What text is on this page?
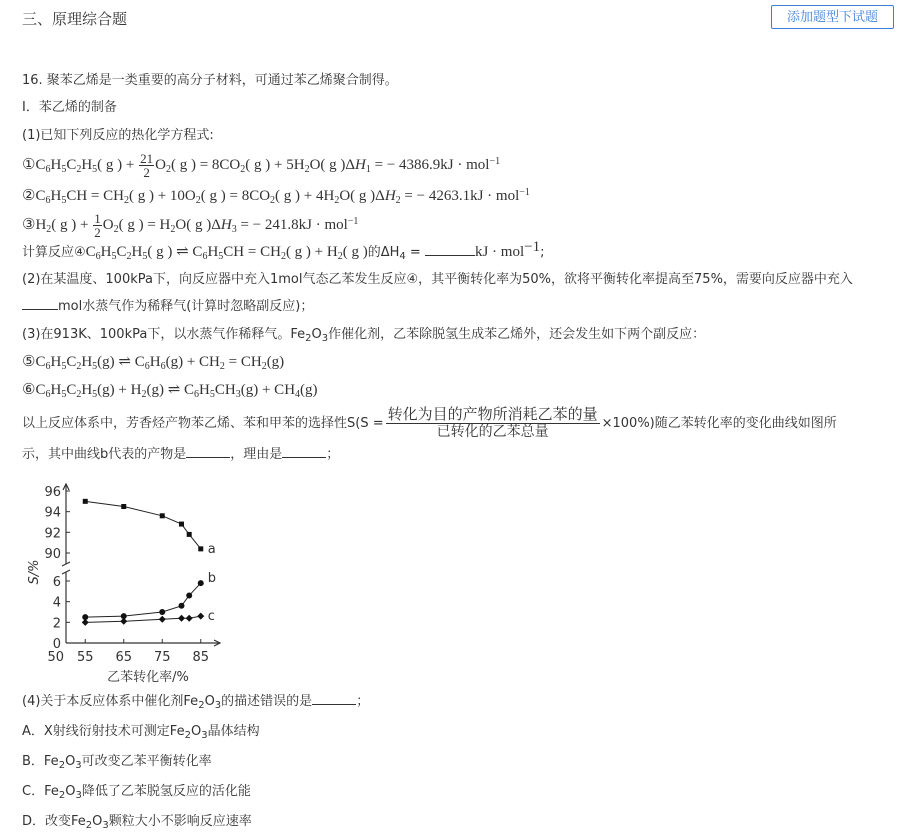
三、原理综合题	添加题型下试题
16. 聚苯乙烯是一类重要的高分子材料，可通过苯乙烯聚合制得。
I．苯乙烯的制备
(1)已知下列反应的热化学方程式:
$①C_6H_5C_2H_5$( g ) + $\frac{21}{2} O_2$( g ) = $8CO_2$( g ) + $5H_2O$( g )$\Delta H_1$ = − 4386.9kJ · mol$^{-1}$
$②C_6H_5CH = CH_2$( g ) + $10O_2$( g ) = $8CO_2$( g ) + $4H_2O$( g )$\Delta H_2$ = − 4263.1kJ · mol$^{-1}$
$③H_2$( g ) + $\frac{1}{2} O_2$( g ) = $H_2O$( g )$\Delta H_3$ = − 241.8kJ · mol$^{-1}$
计算反应$④C_6H_5C_2H_5$( g ) ⇌ $C_6H_5CH = CH_2$( g ) + $H_2$( g )的$\Delta H_4$ =	kJ · mol$^{-1}$;
(2)在某温度、100kPa下，向反应器中充入1mol气态乙苯发生反应④，其平衡转化率为50%，欲将平衡转化率提高至75%，需要向反应器中充入
mol水蒸气作为稀释气(计算时忽略副反应)；
(3)在913K、100kPa下，以水蒸气作稀释气。$Fe_2O_3$作催化剂，乙苯除脱氢生成苯乙烯外，还会发生如下两个副反应：
$⑤C_6H_5C_2H_5(g)$ ⇌ $C_6H_6(g) + CH_2 = CH_2(g)$
$⑥C_6H_5C_2H_5(g) + H_2(g)$ ⇌ $C_6H_5CH_3(g) + CH_4(g)$
以上反应体系中，芳香烃产物苯乙烯、苯和甲苯的选择性$S(S = \frac{\text{转化为目的产物所消耗乙苯的量}}{\text{已转化的乙苯总量}} \times 100\%)$随乙苯转化率的变化曲线如图所
示，其中曲线b代表的产物是	，理由是	；
90
92
94
96
0
2
4
6
50 55 65 75 85
a
b
c
乙苯转化率/%
S/%
(4)关于本反应体系中催化剂$Fe_2O_3$的描述错误的是	；
A．X射线衍射技术可测定$Fe_2O_3$晶体结构
B．$Fe_2O_3$可改变乙苯平衡转化率
C．$Fe_2O_3$降低了乙苯脱氢反应的活化能
D．改变$Fe_2O_3$颗粒大小不影响反应速率
